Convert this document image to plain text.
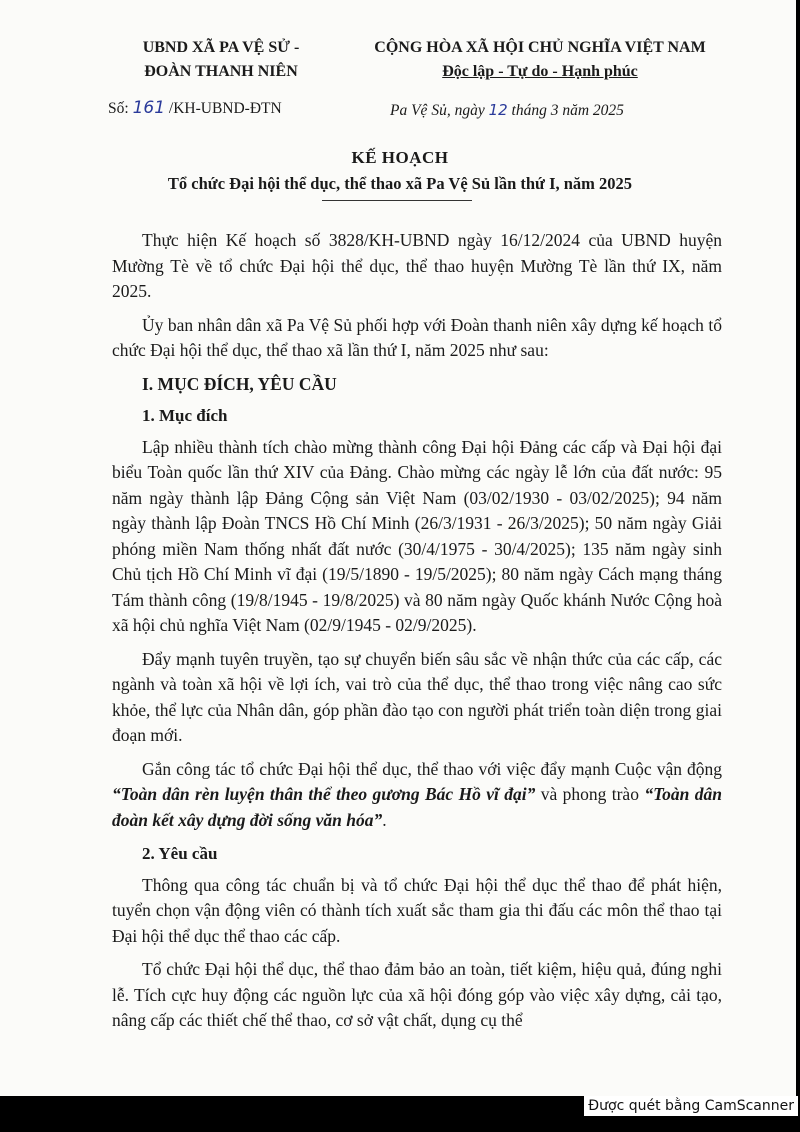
UBND XÃ PA VỆ SỬ -
ĐOÀN THANH NIÊN
CỘNG HÒA XÃ HỘI CHỦ NGHĨA VIỆT NAM
Độc lập - Tự do - Hạnh phúc
Số: 161 /KH-UBND-ĐTN	Pa Vệ Sủ, ngày 12 tháng 3 năm 2025
KẾ HOẠCH
Tổ chức Đại hội thể dục, thể thao xã Pa Vệ Sủ lần thứ I, năm 2025

Thực hiện Kế hoạch số 3828/KH-UBND ngày 16/12/2024 của UBND huyện Mường Tè về tổ chức Đại hội thể dục, thể thao huyện Mường Tè lần thứ IX, năm 2025.

Ủy ban nhân dân xã Pa Vệ Sủ phối hợp với Đoàn thanh niên xây dựng kế hoạch tổ chức Đại hội thể dục, thể thao xã lần thứ I, năm 2025 như sau:

I. MỤC ĐÍCH, YÊU CẦU
1. Mục đích

Lập nhiều thành tích chào mừng thành công Đại hội Đảng các cấp và Đại hội đại biểu Toàn quốc lần thứ XIV của Đảng. Chào mừng các ngày lễ lớn của đất nước: 95 năm ngày thành lập Đảng Cộng sản Việt Nam (03/02/1930 - 03/02/2025); 94 năm ngày thành lập Đoàn TNCS Hồ Chí Minh (26/3/1931 - 26/3/2025); 50 năm ngày Giải phóng miền Nam thống nhất đất nước (30/4/1975 - 30/4/2025); 135 năm ngày sinh Chủ tịch Hồ Chí Minh vĩ đại (19/5/1890 - 19/5/2025); 80 năm ngày Cách mạng tháng Tám thành công (19/8/1945 - 19/8/2025) và 80 năm ngày Quốc khánh Nước Cộng hoà xã hội chủ nghĩa Việt Nam (02/9/1945 - 02/9/2025).

Đẩy mạnh tuyên truyền, tạo sự chuyển biến sâu sắc về nhận thức của các cấp, các ngành và toàn xã hội về lợi ích, vai trò của thể dục, thể thao trong việc nâng cao sức khỏe, thể lực của Nhân dân, góp phần đào tạo con người phát triển toàn diện trong giai đoạn mới.

Gắn công tác tổ chức Đại hội thể dục, thể thao với việc đẩy mạnh Cuộc vận động “Toàn dân rèn luyện thân thể theo gương Bác Hồ vĩ đại” và phong trào “Toàn dân đoàn kết xây dựng đời sống văn hóa”.

2. Yêu cầu

Thông qua công tác chuẩn bị và tổ chức Đại hội thể dục thể thao để phát hiện, tuyển chọn vận động viên có thành tích xuất sắc tham gia thi đấu các môn thể thao tại Đại hội thể dục thể thao các cấp.

Tổ chức Đại hội thể dục, thể thao đảm bảo an toàn, tiết kiệm, hiệu quả, đúng nghi lễ. Tích cực huy động các nguồn lực của xã hội đóng góp vào việc xây dựng, cải tạo, nâng cấp các thiết chế thể thao, cơ sở vật chất, dụng cụ thể

Được quét bằng CamScanner
